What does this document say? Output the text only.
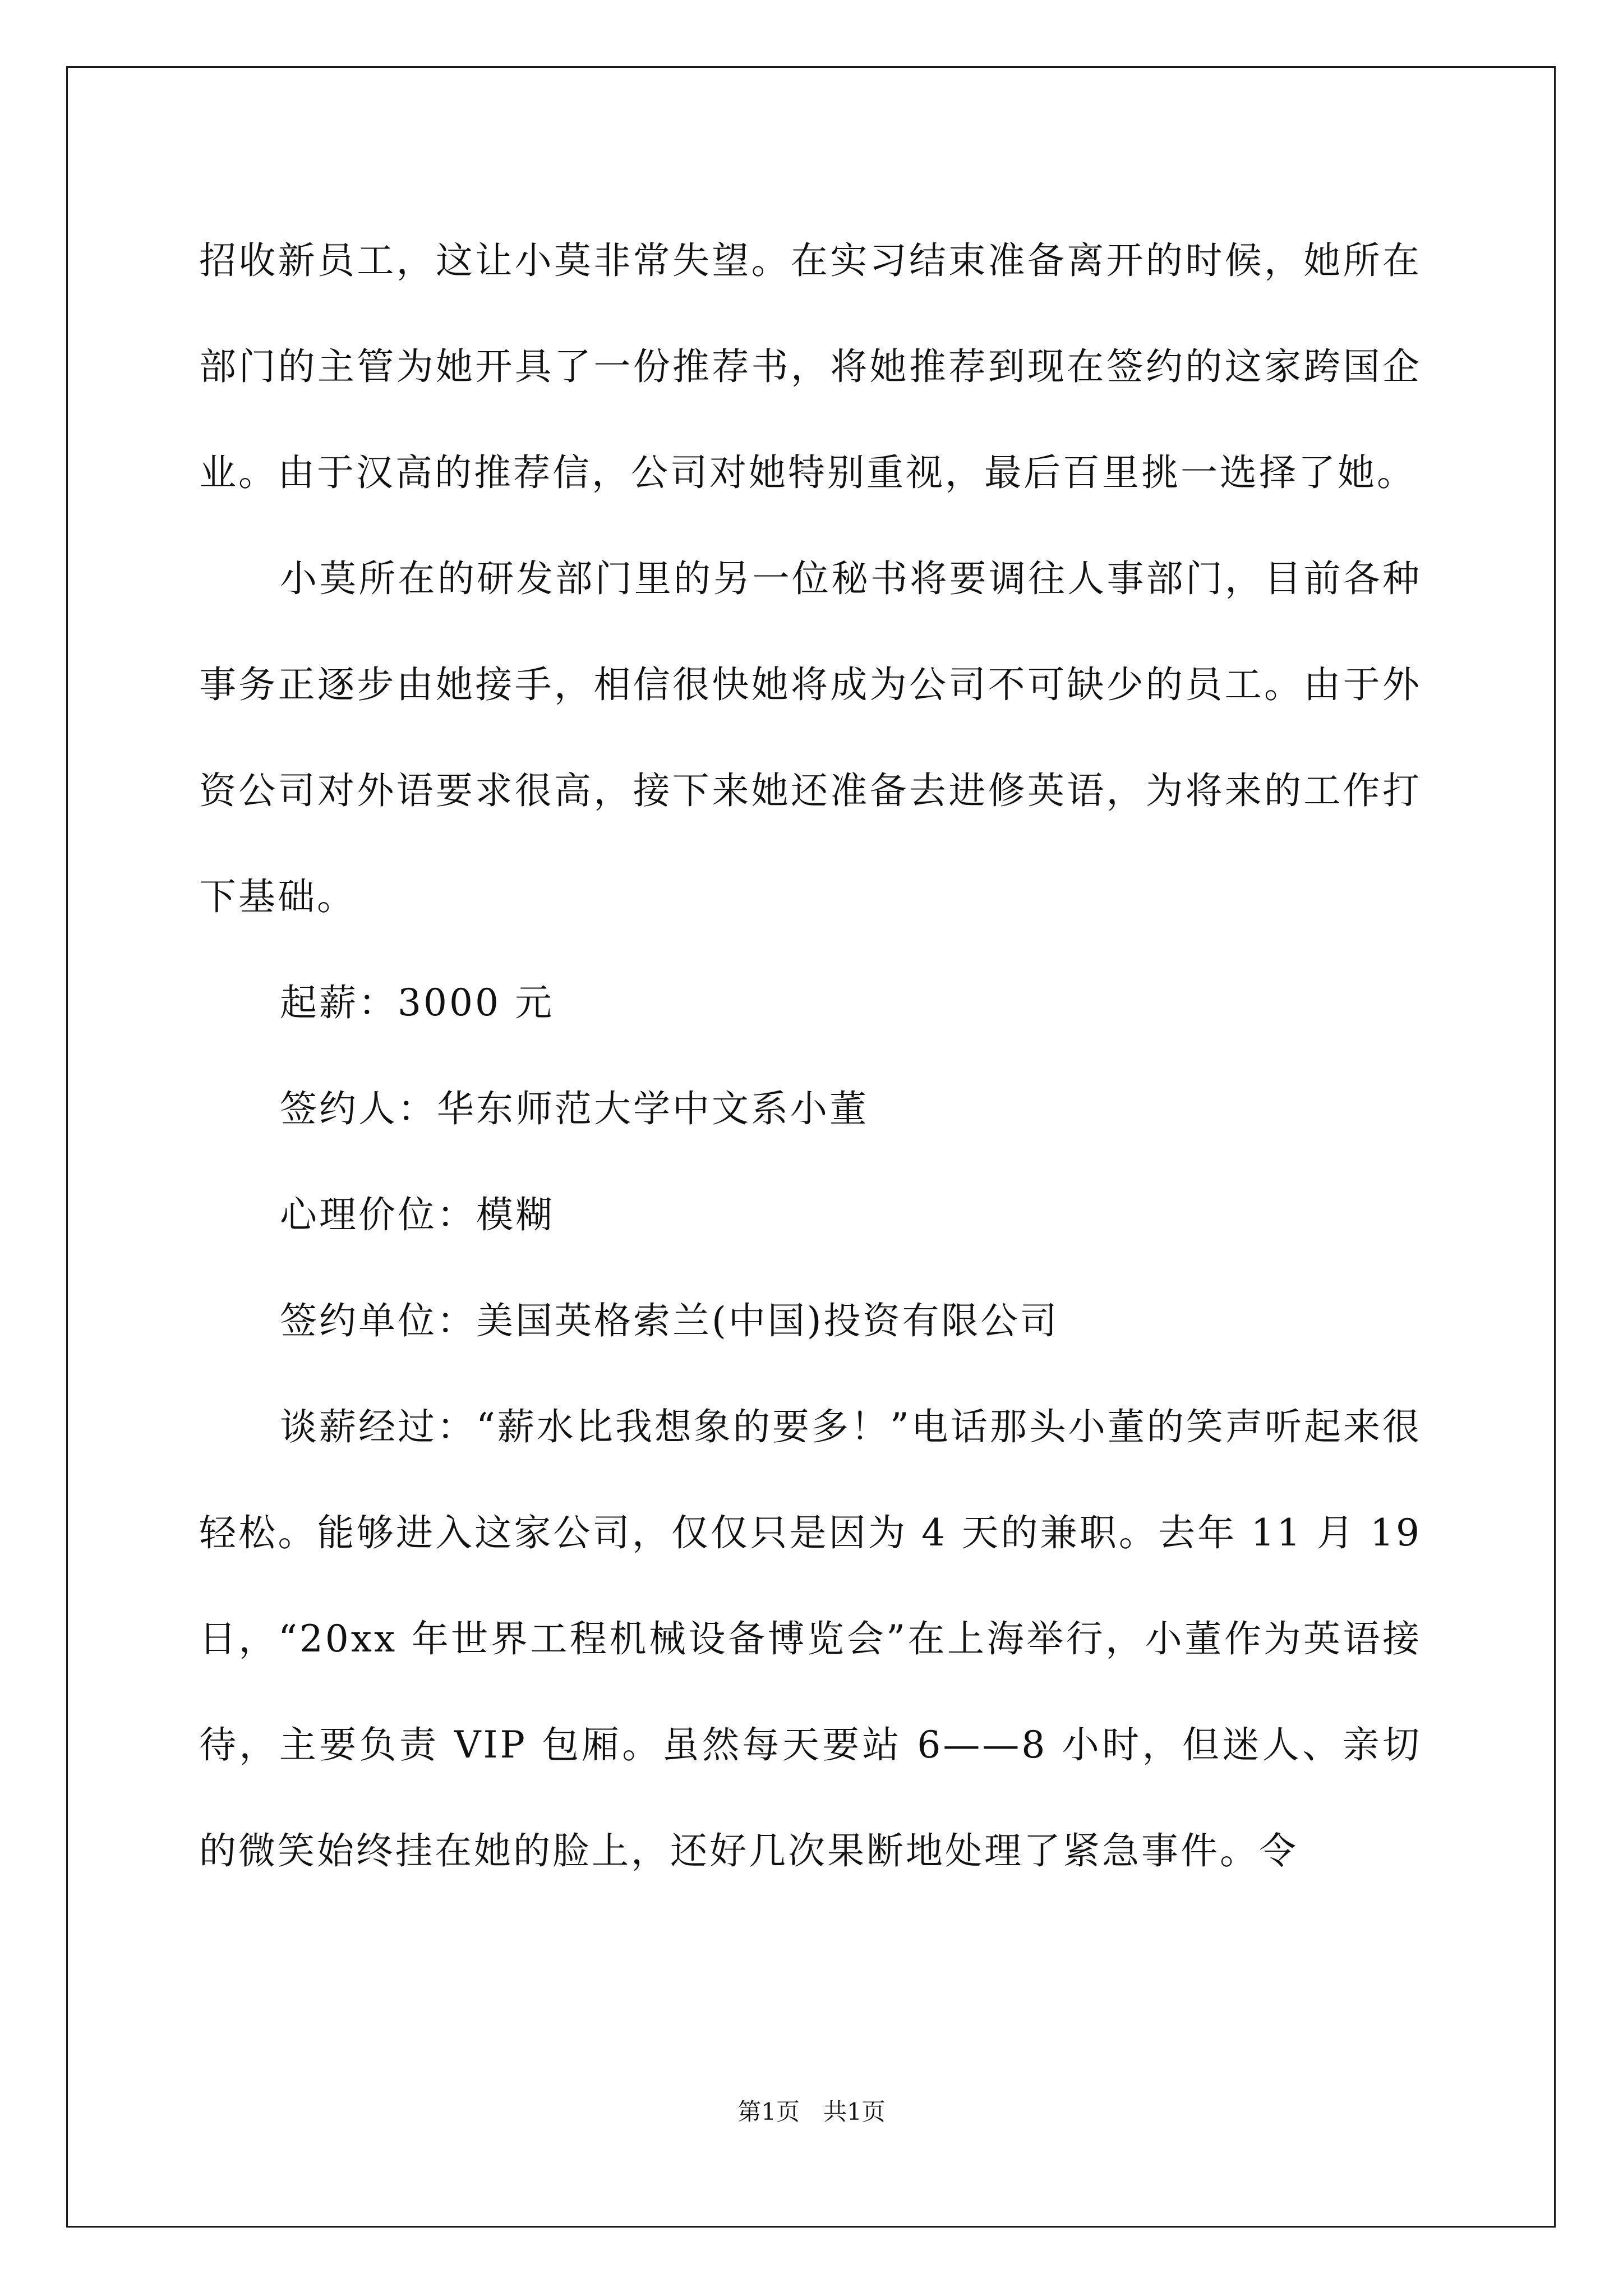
招收新员工，这让小莫非常失望。在实习结束准备离开的时候，她所在部门的主管为她开具了一份推荐书，将她推荐到现在签约的这家跨国企业。由于汉高的推荐信，公司对她特别重视，最后百里挑一选择了她。

小莫所在的研发部门里的另一位秘书将要调往人事部门，目前各种事务正逐步由她接手，相信很快她将成为公司不可缺少的员工。由于外资公司对外语要求很高，接下来她还准备去进修英语，为将来的工作打下基础。

起薪：3000 元

签约人：华东师范大学中文系小董

心理价位：模糊

签约单位：美国英格索兰(中国)投资有限公司

谈薪经过：“薪水比我想象的要多！”电话那头小董的笑声听起来很轻松。能够进入这家公司，仅仅只是因为 4 天的兼职。去年 11 月 19 日，“20xx 年世界工程机械设备博览会”在上海举行，小董作为英语接待，主要负责 VIP 包厢。虽然每天要站 6——8 小时，但迷人、亲切的微笑始终挂在她的脸上，还好几次果断地处理了紧急事件。令

第1页　共1页
